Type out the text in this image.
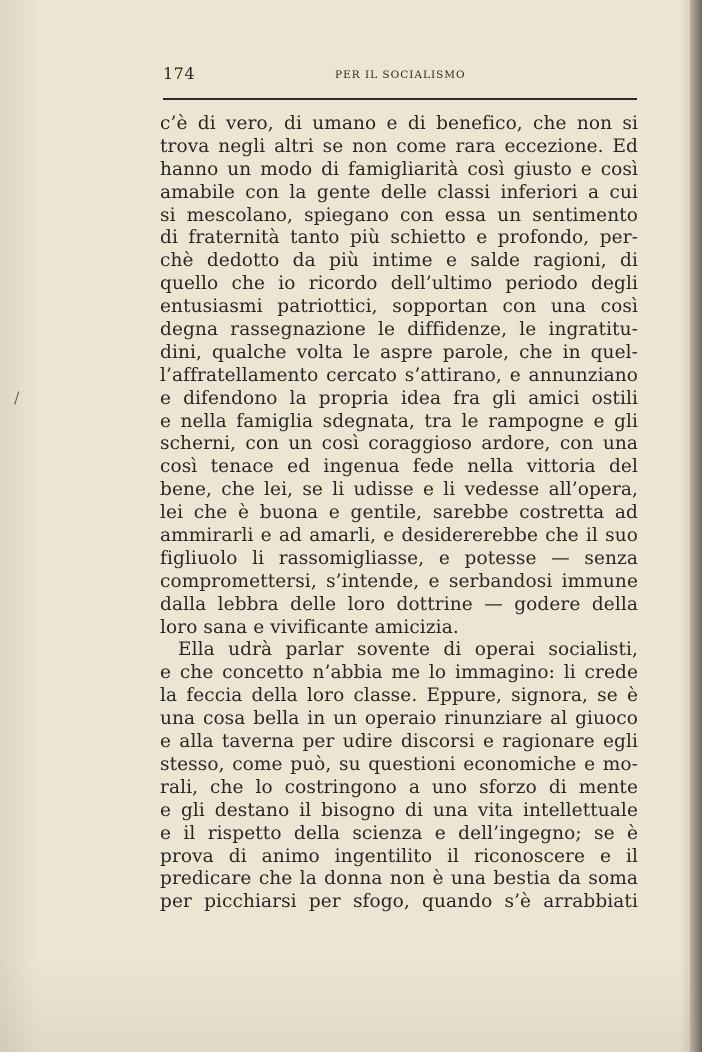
/
174	PER IL SOCIALISMO
c’è di vero, di umano e di benefico, che non si
trova negli altri se non come rara eccezione. Ed
hanno un modo di famigliarità così giusto e così
amabile con la gente delle classi inferiori a cui
si mescolano, spiegano con essa un sentimento
di fraternità tanto più schietto e profondo, per-
chè dedotto da più intime e salde ragioni, di
quello che io ricordo dell’ultimo periodo degli
entusiasmi patriottici, sopportan con una così
degna rassegnazione le diffidenze, le ingratitu-
dini, qualche volta le aspre parole, che in quel-
l’affratellamento cercato s’attirano, e annunziano
e difendono la propria idea fra gli amici ostili
e nella famiglia sdegnata, tra le rampogne e gli
scherni, con un così coraggioso ardore, con una
così tenace ed ingenua fede nella vittoria del
bene, che lei, se li udisse e li vedesse all’opera,
lei che è buona e gentile, sarebbe costretta ad
ammirarli e ad amarli, e desidererebbe che il suo
figliuolo li rassomigliasse, e potesse — senza
compromettersi, s’intende, e serbandosi immune
dalla lebbra delle loro dottrine — godere della
loro sana e vivificante amicizia.
Ella udrà parlar sovente di operai socialisti,
e che concetto n’abbia me lo immagino: li crede
la feccia della loro classe. Eppure, signora, se è
una cosa bella in un operaio rinunziare al giuoco
e alla taverna per udire discorsi e ragionare egli
stesso, come può, su questioni economiche e mo-
rali, che lo costringono a uno sforzo di mente
e gli destano il bisogno di una vita intellettuale
e il rispetto della scienza e dell’ingegno; se è
prova di animo ingentilito il riconoscere e il
predicare che la donna non è una bestia da soma
per picchiarsi per sfogo, quando s’è arrabbiati
